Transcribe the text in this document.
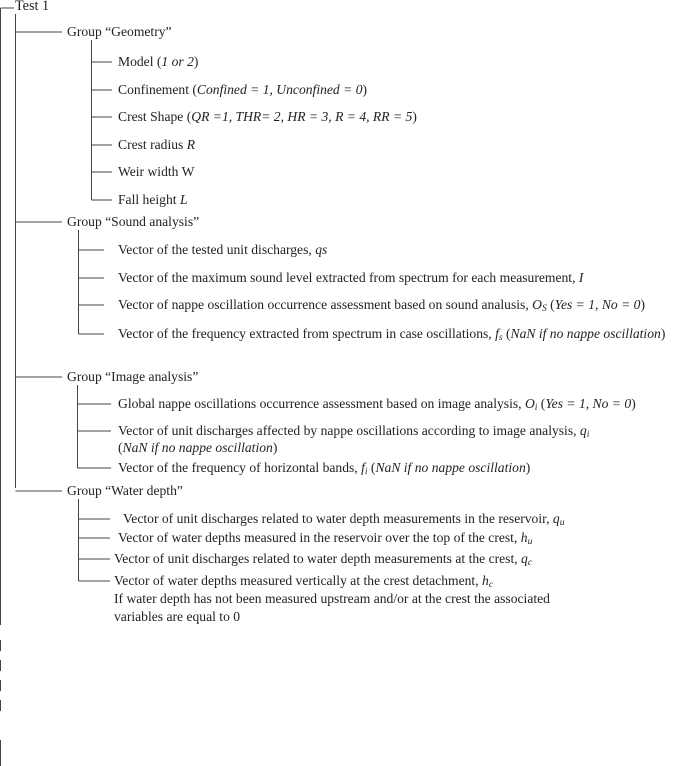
Test 1
Group “Geometry”
Model (1 or 2)
Confinement (Confined = 1, Unconfined = 0)
Crest Shape (QR =1, THR= 2, HR = 3, R = 4, RR = 5)
Crest radius R
Weir width W
Fall height L
Group “Sound analysis”
Vector of the tested unit discharges, qs
Vector of the maximum sound level extracted from spectrum for each measurement, I
Vector of nappe oscillation occurrence assessment based on sound analusis, $O_S$ (Yes = 1, No = 0)
Vector of the frequency extracted from spectrum in case oscillations, $f_s$ (NaN if no nappe oscillation)
Group “Image analysis”
Global nappe oscillations occurrence assessment based on image analysis, $O_i$ (Yes = 1, No = 0)
Vector of unit discharges affected by nappe oscillations according to image analysis, $q_i$
(NaN if no nappe oscillation)
Vector of the frequency of horizontal bands, $f_i$ (NaN if no nappe oscillation)
Group “Water depth”
Vector of unit discharges related to water depth measurements in the reservoir, $q_u$
Vector of water depths measured in the reservoir over the top of the crest, $h_u$
Vector of unit discharges related to water depth measurements at the crest, $q_c$
Vector of water depths measured vertically at the crest detachment, $h_c$
If water depth has not been measured upstream and/or at the crest the associated
variables are equal to 0
